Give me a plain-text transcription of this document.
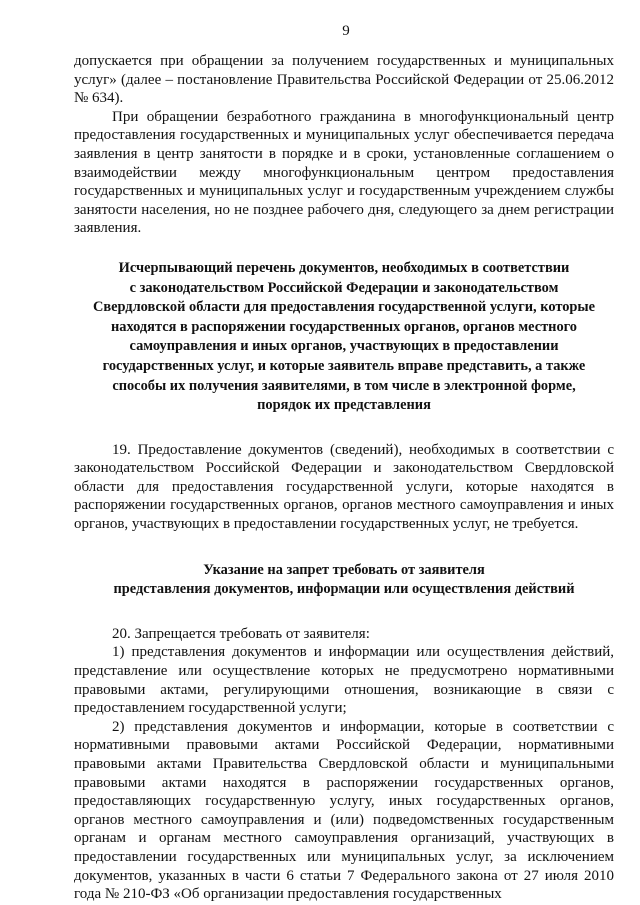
9

допускается при обращении за получением государственных и муниципальных услуг» (далее – постановление Правительства Российской Федерации от 25.06.2012 № 634).

При обращении безработного гражданина в многофункциональный центр предоставления государственных и муниципальных услуг обеспечивается передача заявления в центр занятости в порядке и в сроки, установленные соглашением о взаимодействии между многофункциональным центром предоставления государственных и муниципальных услуг и государственным учреждением службы занятости населения, но не позднее рабочего дня, следующего за днем регистрации заявления.

Исчерпывающий перечень документов, необходимых в соответствии
с законодательством Российской Федерации и законодательством
Свердловской области для предоставления государственной услуги, которые
находятся в распоряжении государственных органов, органов местного
самоуправления и иных органов, участвующих в предоставлении
государственных услуг, и которые заявитель вправе представить, а также
способы их получения заявителями, в том числе в электронной форме,
порядок их представления

19. Предоставление документов (сведений), необходимых в соответствии с законодательством Российской Федерации и законодательством Свердловской области для предоставления государственной услуги, которые находятся в распоряжении государственных органов, органов местного самоуправления и иных органов, участвующих в предоставлении государственных услуг, не требуется.

Указание на запрет требовать от заявителя
представления документов, информации или осуществления действий

20. Запрещается требовать от заявителя:

1) представления документов и информации или осуществления действий, представление или осуществление которых не предусмотрено нормативными правовыми актами, регулирующими отношения, возникающие в связи с предоставлением государственной услуги;

2) представления документов и информации, которые в соответствии с нормативными правовыми актами Российской Федерации, нормативными правовыми актами Правительства Свердловской области и муниципальными правовыми актами находятся в распоряжении государственных органов, предоставляющих государственную услугу, иных государственных органов, органов местного самоуправления и (или) подведомственных государственным органам и органам местного самоуправления организаций, участвующих в предоставлении государственных или муниципальных услуг, за исключением документов, указанных в части 6 статьи 7 Федерального закона от 27 июля 2010 года № 210-ФЗ «Об организации предоставления государственных
